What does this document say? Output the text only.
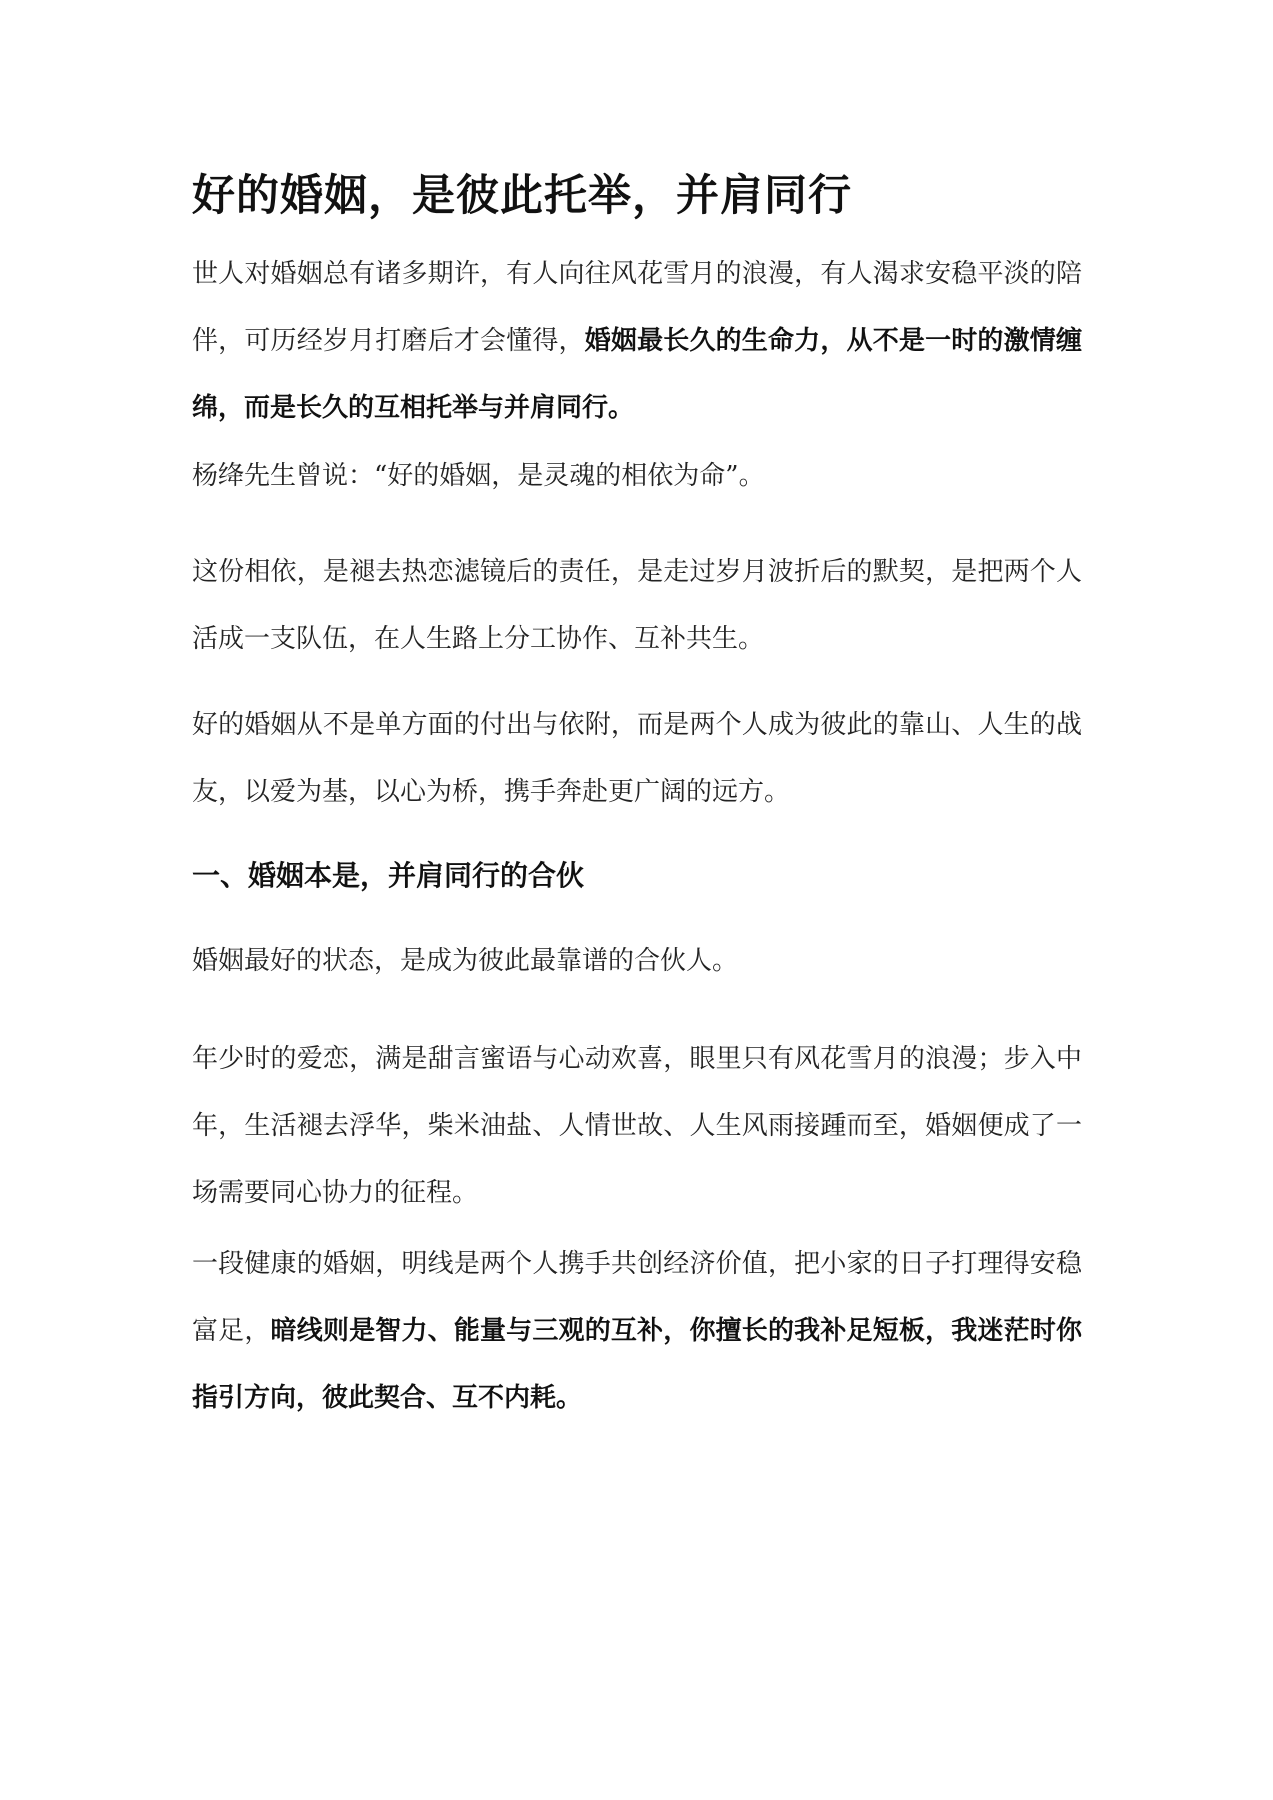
好的婚姻，是彼此托举，并肩同行

世人对婚姻总有诸多期许，有人向往风花雪月的浪漫，有人渴求安稳平淡的陪伴，可历经岁月打磨后才会懂得，婚姻最长久的生命力，从不是一时的激情缠绵，而是长久的互相托举与并肩同行。

杨绛先生曾说：“好的婚姻，是灵魂的相依为命”。

这份相依，是褪去热恋滤镜后的责任，是走过岁月波折后的默契，是把两个人活成一支队伍，在人生路上分工协作、互补共生。

好的婚姻从不是单方面的付出与依附，而是两个人成为彼此的靠山、人生的战友，以爱为基，以心为桥，携手奔赴更广阔的远方。

一、婚姻本是，并肩同行的合伙

婚姻最好的状态，是成为彼此最靠谱的合伙人。

年少时的爱恋，满是甜言蜜语与心动欢喜，眼里只有风花雪月的浪漫；步入中年，生活褪去浮华，柴米油盐、人情世故、人生风雨接踵而至，婚姻便成了一场需要同心协力的征程。

一段健康的婚姻，明线是两个人携手共创经济价值，把小家的日子打理得安稳富足，暗线则是智力、能量与三观的互补，你擅长的我补足短板，我迷茫时你指引方向，彼此契合、互不内耗。
